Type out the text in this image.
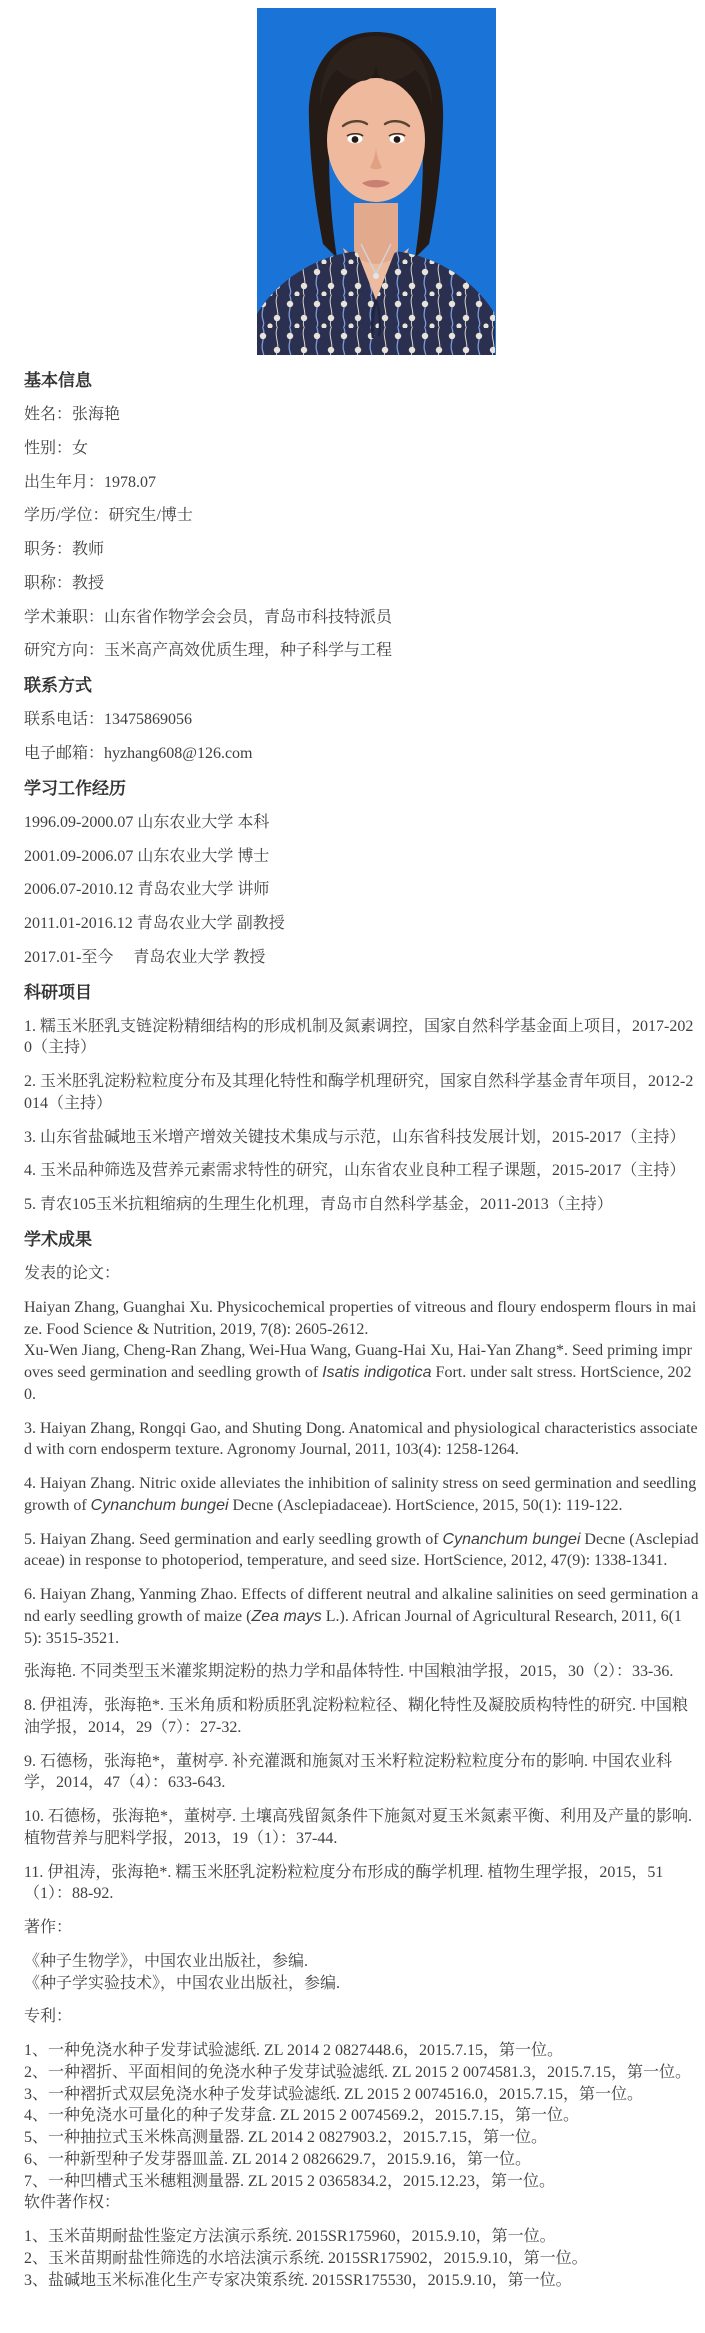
基本信息

姓名：张海艳

性别：女

出生年月：1978.07

学历/学位：研究生/博士

职务：教师

职称：教授

学术兼职：山东省作物学会会员，青岛市科技特派员

研究方向：玉米高产高效优质生理，种子科学与工程

联系方式

联系电话：13475869056

电子邮箱：hyzhang608@126.com

学习工作经历

1996.09-2000.07 山东农业大学 本科

2001.09-2006.07 山东农业大学 博士

2006.07-2010.12 青岛农业大学 讲师

2011.01-2016.12 青岛农业大学 副教授

2017.01-至今　 青岛农业大学 教授

科研项目

1. 糯玉米胚乳支链淀粉精细结构的形成机制及氮素调控，国家自然科学基金面上项目，2017-2020（主持）

2. 玉米胚乳淀粉粒粒度分布及其理化特性和酶学机理研究，国家自然科学基金青年项目，2012-2014（主持）

3. 山东省盐碱地玉米增产增效关键技术集成与示范，山东省科技发展计划，2015-2017（主持）

4. 玉米品种筛选及营养元素需求特性的研究，山东省农业良种工程子课题，2015-2017（主持）

5. 青农105玉米抗粗缩病的生理生化机理，青岛市自然科学基金，2011-2013（主持）

学术成果

发表的论文：

Haiyan Zhang, Guanghai Xu. Physicochemical properties of vitreous and floury endosperm flours in maize. Food Science & Nutrition, 2019, 7(8): 2605-2612.
Xu-Wen Jiang, Cheng-Ran Zhang, Wei-Hua Wang, Guang-Hai Xu, Hai-Yan Zhang*. Seed priming improves seed germination and seedling growth of Isatis indigotica Fort. under salt stress. HortScience, 2020.

3. Haiyan Zhang, Rongqi Gao, and Shuting Dong. Anatomical and physiological characteristics associated with corn endosperm texture. Agronomy Journal, 2011, 103(4): 1258-1264.

4. Haiyan Zhang. Nitric oxide alleviates the inhibition of salinity stress on seed germination and seedling growth of Cynanchum bungei Decne (Asclepiadaceae). HortScience, 2015, 50(1): 119-122.

5. Haiyan Zhang. Seed germination and early seedling growth of Cynanchum bungei Decne (Asclepiadaceae) in response to photoperiod, temperature, and seed size. HortScience, 2012, 47(9): 1338-1341.

6. Haiyan Zhang, Yanming Zhao. Effects of different neutral and alkaline salinities on seed germination and early seedling growth of maize (Zea mays L.). African Journal of Agricultural Research, 2011, 6(15): 3515-3521.

张海艳. 不同类型玉米灌浆期淀粉的热力学和晶体特性. 中国粮油学报，2015，30（2）：33-36.

8. 伊祖涛，张海艳*. 玉米角质和粉质胚乳淀粉粒粒径、糊化特性及凝胶质构特性的研究. 中国粮油学报，2014，29（7）：27-32.

9. 石德杨，张海艳*，董树亭. 补充灌溉和施氮对玉米籽粒淀粉粒粒度分布的影响. 中国农业科学，2014，47（4）：633-643.

10. 石德杨，张海艳*，董树亭. 土壤高残留氮条件下施氮对夏玉米氮素平衡、利用及产量的影响. 植物营养与肥料学报，2013，19（1）：37-44.

11. 伊祖涛，张海艳*. 糯玉米胚乳淀粉粒粒度分布形成的酶学机理. 植物生理学报，2015，51（1）：88-92.

著作：

《种子生物学》，中国农业出版社，参编.

《种子学实验技术》，中国农业出版社，参编.

专利：

1、一种免浇水种子发芽试验滤纸. ZL 2014 2 0827448.6，2015.7.15，第一位。

2、一种褶折、平面相间的免浇水种子发芽试验滤纸. ZL 2015 2 0074581.3，2015.7.15，第一位。

3、一种褶折式双层免浇水种子发芽试验滤纸. ZL 2015 2 0074516.0，2015.7.15，第一位。

4、一种免浇水可量化的种子发芽盒. ZL 2015 2 0074569.2，2015.7.15，第一位。

5、一种抽拉式玉米株高测量器. ZL 2014 2 0827903.2，2015.7.15，第一位。

6、一种新型种子发芽器皿盖. ZL 2014 2 0826629.7，2015.9.16，第一位。

7、一种凹槽式玉米穗粗测量器. ZL 2015 2 0365834.2，2015.12.23，第一位。

软件著作权：

1、玉米苗期耐盐性鉴定方法演示系统. 2015SR175960，2015.9.10，第一位。

2、玉米苗期耐盐性筛选的水培法演示系统. 2015SR175902，2015.9.10，第一位。

3、盐碱地玉米标准化生产专家决策系统. 2015SR175530，2015.9.10，第一位。
